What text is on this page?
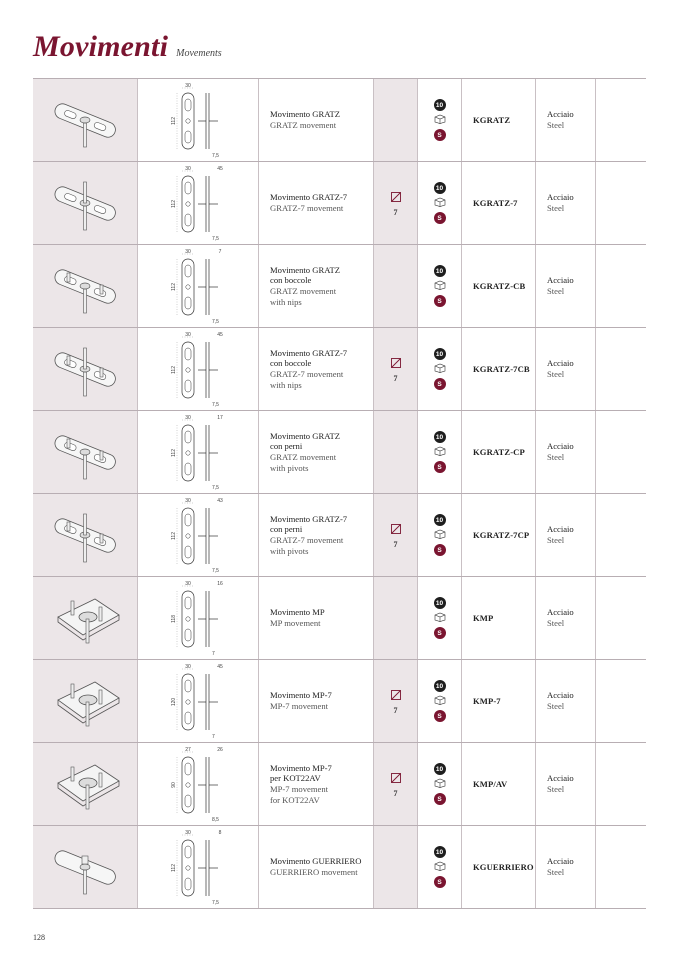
Movimenti Movements
30
112
7,5
Movimento GRATZ
GRATZ movement
10
S
KGRATZ
Acciaio
Steel
30
112
45
7,5
Movimento GRATZ-7
GRATZ-7 movement	7
10
S
KGRATZ-7
Acciaio
Steel
30
112
7
7,5
Movimento GRATZ
con boccole
GRATZ movement
with nips
10
S
KGRATZ-CB
Acciaio
Steel
30
112
45
7,5
Movimento GRATZ-7
con boccole
GRATZ-7 movement
with nips
7
10
S
KGRATZ-7CB
Acciaio
Steel
30
112
17
7,5
Movimento GRATZ
con perni
GRATZ movement
with pivots
10
S
KGRATZ-CP
Acciaio
Steel
30
112
43
7,5
Movimento GRATZ-7
con perni
GRATZ-7 movement
with pivots
7
10
S
KGRATZ-7CP
Acciaio
Steel
30
118
16
7
Movimento MP
MP movement
10
S
KMP
Acciaio
Steel
30
120
45
7
Movimento MP-7
MP-7 movement	7
10
S
KMP-7
Acciaio
Steel
27
90
26
8,5
Movimento MP-7
per KOT22AV
MP-7 movement
for KOT22AV
7
10
S
KMP/AV
Acciaio
Steel
30
112
8
7,5
Movimento GUERRIERO
GUERRIERO movement
10
S
KGUERRIERO
Acciaio
Steel
128
